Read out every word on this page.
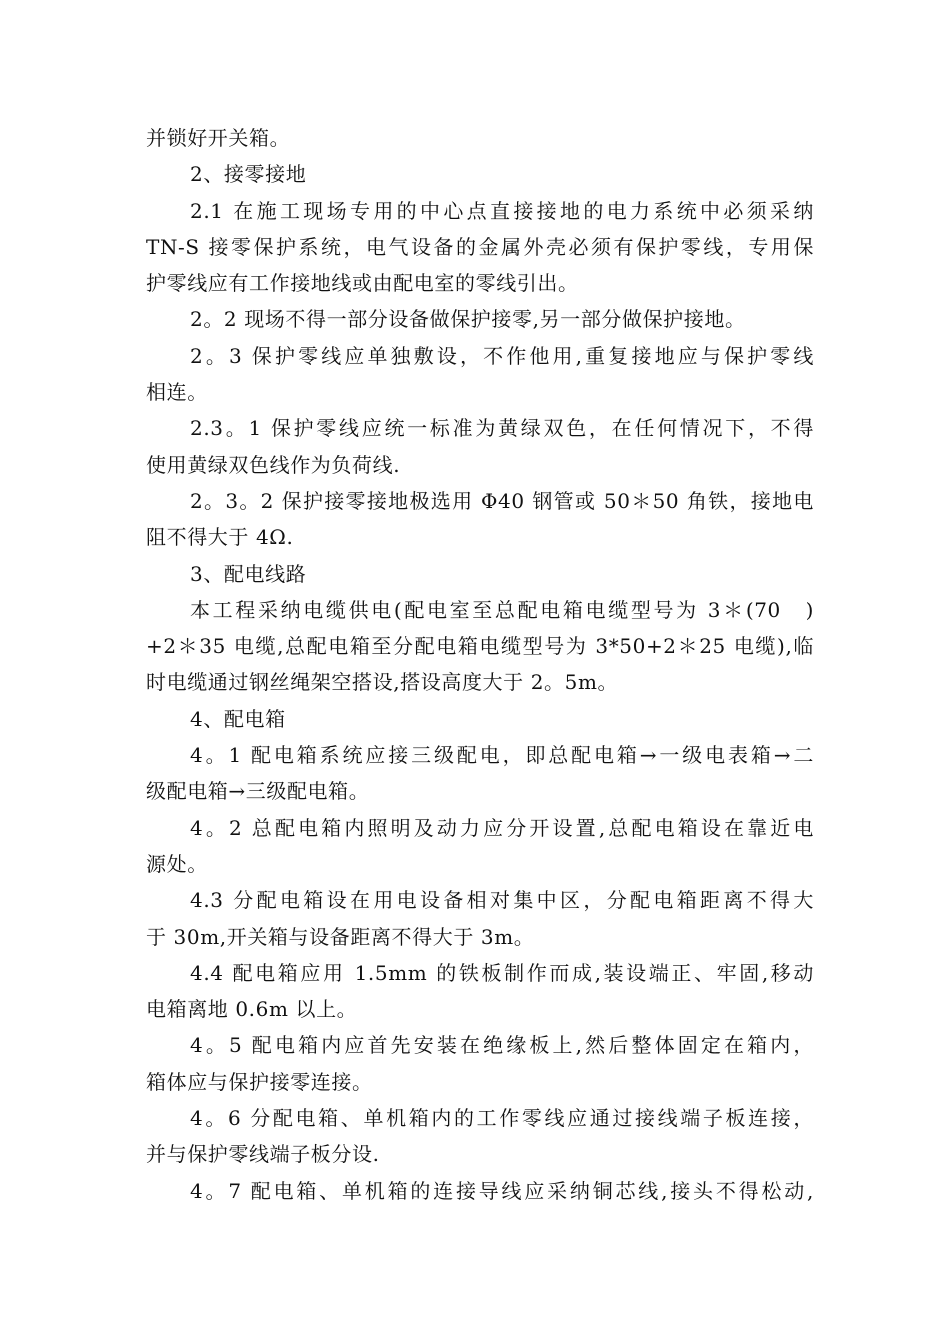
并锁好开关箱。
2、接零接地
2.1 在施工现场专用的中心点直接接地的电力系统中必须采纳
TN-S 接零保护系统，电气设备的金属外壳必须有保护零线，专用保
护零线应有工作接地线或由配电室的零线引出。
2。2 现场不得一部分设备做保护接零,另一部分做保护接地。
2。3 保护零线应单独敷设，不作他用,重复接地应与保护零线
相连。
2.3。1 保护零线应统一标准为黄绿双色，在任何情况下，不得
使用黄绿双色线作为负荷线.
2。3。2 保护接零接地极选用 Φ40 钢管或 50＊50 角铁，接地电
阻不得大于 4Ω.
3、配电线路
本工程采纳电缆供电(配电室至总配电箱电缆型号为 3＊(70　)
+2＊35 电缆,总配电箱至分配电箱电缆型号为 3*50+2＊25 电缆),临
时电缆通过钢丝绳架空搭设,搭设高度大于 2。5m。
4、配电箱
4。1 配电箱系统应接三级配电，即总配电箱→一级电表箱→二
级配电箱→三级配电箱。
4。2 总配电箱内照明及动力应分开设置,总配电箱设在靠近电
源处。
4.3 分配电箱设在用电设备相对集中区，分配电箱距离不得大
于 30m,开关箱与设备距离不得大于 3m。
4.4 配电箱应用 1.5mm 的铁板制作而成,装设端正、牢固,移动
电箱离地 0.6m 以上。
4。5 配电箱内应首先安装在绝缘板上,然后整体固定在箱内，
箱体应与保护接零连接。
4。6 分配电箱、单机箱内的工作零线应通过接线端子板连接，
并与保护零线端子板分设.
4。7 配电箱、单机箱的连接导线应采纳铜芯线,接头不得松动,
